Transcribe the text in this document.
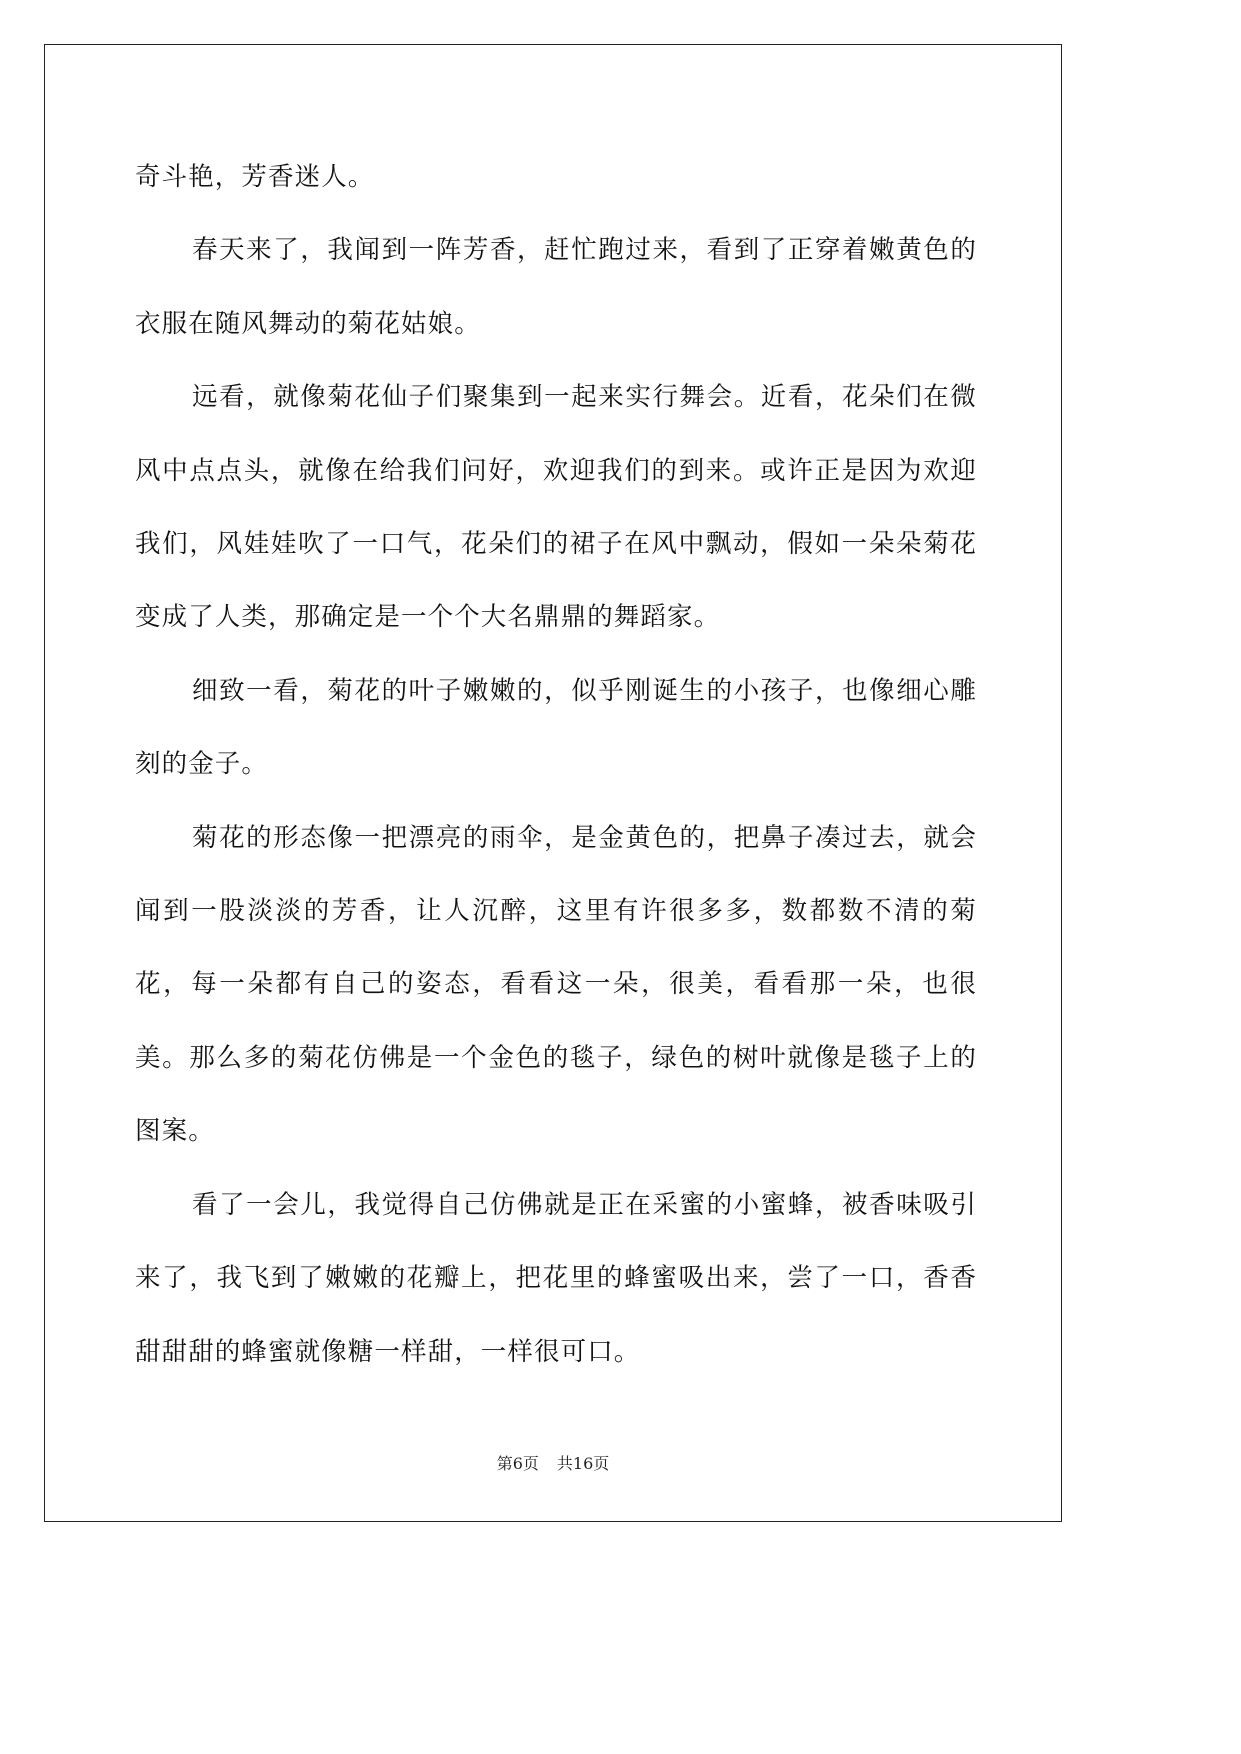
奇斗艳，芳香迷人。

春天来了，我闻到一阵芳香，赶忙跑过来，看到了正穿着嫩黄色的衣服在随风舞动的菊花姑娘。

远看，就像菊花仙子们聚集到一起来实行舞会。近看，花朵们在微风中点点头，就像在给我们问好，欢迎我们的到来。或许正是因为欢迎我们，风娃娃吹了一口气，花朵们的裙子在风中飘动，假如一朵朵菊花变成了人类，那确定是一个个大名鼎鼎的舞蹈家。

细致一看，菊花的叶子嫩嫩的，似乎刚诞生的小孩子，也像细心雕刻的金子。

菊花的形态像一把漂亮的雨伞，是金黄色的，把鼻子凑过去，就会闻到一股淡淡的芳香，让人沉醉，这里有许很多多，数都数不清的菊花，每一朵都有自己的姿态，看看这一朵，很美，看看那一朵，也很美。那么多的菊花仿佛是一个金色的毯子，绿色的树叶就像是毯子上的图案。

看了一会儿，我觉得自己仿佛就是正在采蜜的小蜜蜂，被香味吸引来了，我飞到了嫩嫩的花瓣上，把花里的蜂蜜吸出来，尝了一口，香香甜甜甜的蜂蜜就像糖一样甜，一样很可口。

第6页 共16页
